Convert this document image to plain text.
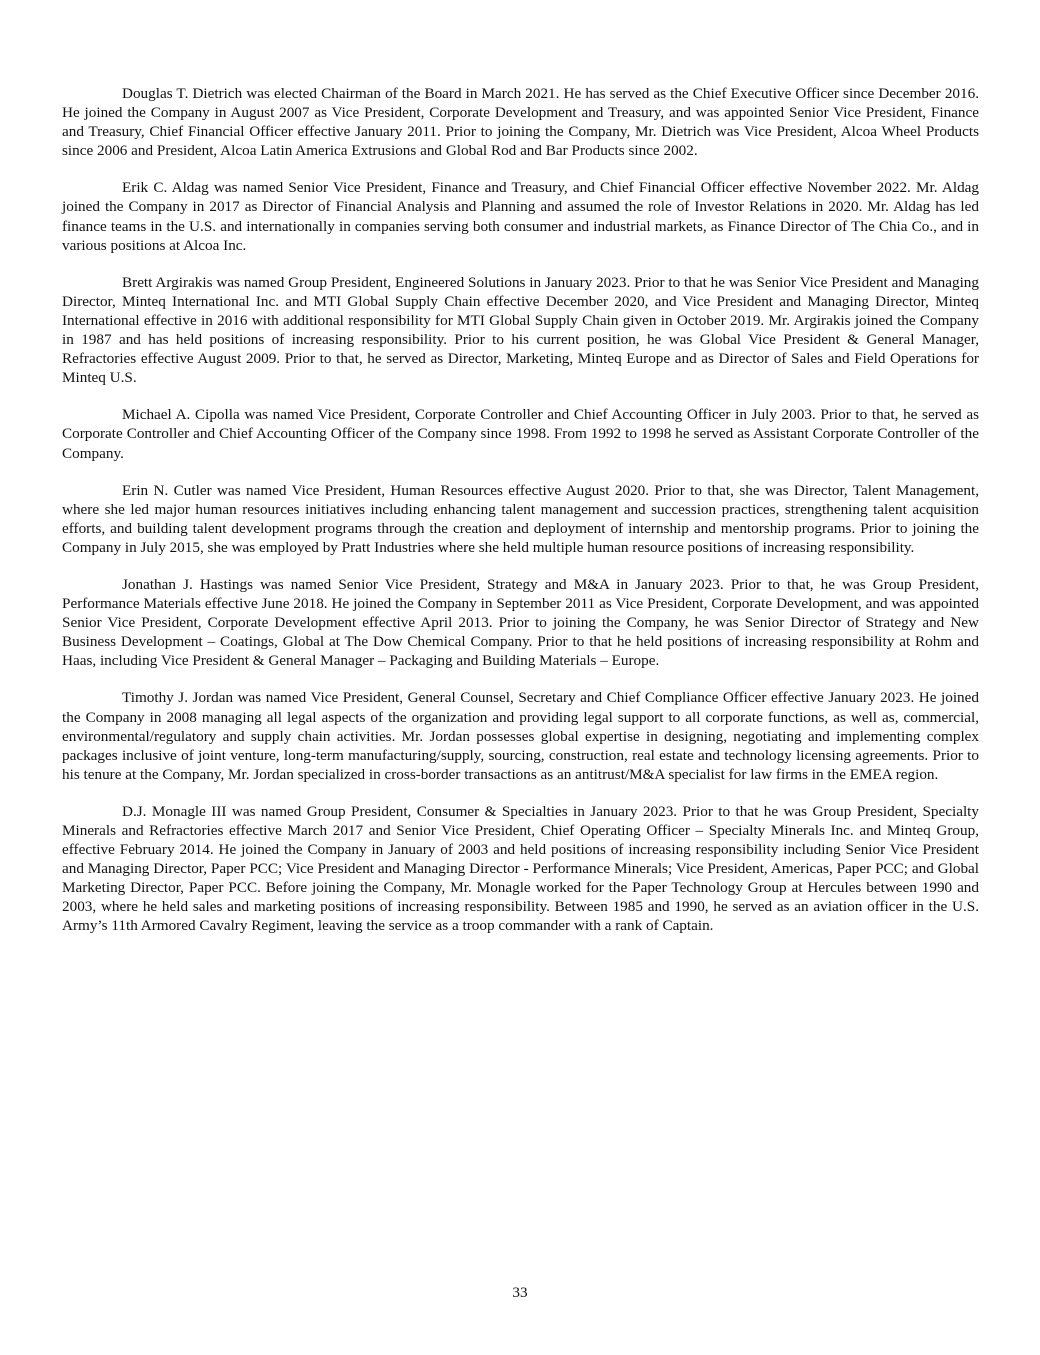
Douglas T. Dietrich was elected Chairman of the Board in March 2021. He has served as the Chief Executive Officer since December 2016. He joined the Company in August 2007 as Vice President, Corporate Development and Treasury, and was appointed Senior Vice President, Finance and Treasury, Chief Financial Officer effective January 2011. Prior to joining the Company, Mr. Dietrich was Vice President, Alcoa Wheel Products since 2006 and President, Alcoa Latin America Extrusions and Global Rod and Bar Products since 2002.

Erik C. Aldag was named Senior Vice President, Finance and Treasury, and Chief Financial Officer effective November 2022. Mr. Aldag joined the Company in 2017 as Director of Financial Analysis and Planning and assumed the role of Investor Relations in 2020. Mr. Aldag has led finance teams in the U.S. and internationally in companies serving both consumer and industrial markets, as Finance Director of The Chia Co., and in various positions at Alcoa Inc.

Brett Argirakis was named Group President, Engineered Solutions in January 2023. Prior to that he was Senior Vice President and Managing Director, Minteq International Inc. and MTI Global Supply Chain effective December 2020, and Vice President and Managing Director, Minteq International effective in 2016 with additional responsibility for MTI Global Supply Chain given in October 2019. Mr. Argirakis joined the Company in 1987 and has held positions of increasing responsibility. Prior to his current position, he was Global Vice President & General Manager, Refractories effective August 2009. Prior to that, he served as Director, Marketing, Minteq Europe and as Director of Sales and Field Operations for Minteq U.S.

Michael A. Cipolla was named Vice President, Corporate Controller and Chief Accounting Officer in July 2003. Prior to that, he served as Corporate Controller and Chief Accounting Officer of the Company since 1998. From 1992 to 1998 he served as Assistant Corporate Controller of the Company.

Erin N. Cutler was named Vice President, Human Resources effective August 2020. Prior to that, she was Director, Talent Management, where she led major human resources initiatives including enhancing talent management and succession practices, strengthening talent acquisition efforts, and building talent development programs through the creation and deployment of internship and mentorship programs. Prior to joining the Company in July 2015, she was employed by Pratt Industries where she held multiple human resource positions of increasing responsibility.

Jonathan J. Hastings was named Senior Vice President, Strategy and M&A in January 2023. Prior to that, he was Group President, Performance Materials effective June 2018. He joined the Company in September 2011 as Vice President, Corporate Development, and was appointed Senior Vice President, Corporate Development effective April 2013. Prior to joining the Company, he was Senior Director of Strategy and New Business Development – Coatings, Global at The Dow Chemical Company. Prior to that he held positions of increasing responsibility at Rohm and Haas, including Vice President & General Manager – Packaging and Building Materials – Europe.

Timothy J. Jordan was named Vice President, General Counsel, Secretary and Chief Compliance Officer effective January 2023. He joined the Company in 2008 managing all legal aspects of the organization and providing legal support to all corporate functions, as well as, commercial, environmental/regulatory and supply chain activities. Mr. Jordan possesses global expertise in designing, negotiating and implementing complex packages inclusive of joint venture, long-term manufacturing/supply, sourcing, construction, real estate and technology licensing agreements. Prior to his tenure at the Company, Mr. Jordan specialized in cross-border transactions as an antitrust/M&A specialist for law firms in the EMEA region.

D.J. Monagle III was named Group President, Consumer & Specialties in January 2023. Prior to that he was Group President, Specialty Minerals and Refractories effective March 2017 and Senior Vice President, Chief Operating Officer – Specialty Minerals Inc. and Minteq Group, effective February 2014. He joined the Company in January of 2003 and held positions of increasing responsibility including Senior Vice President and Managing Director, Paper PCC; Vice President and Managing Director - Performance Minerals; Vice President, Americas, Paper PCC; and Global Marketing Director, Paper PCC. Before joining the Company, Mr. Monagle worked for the Paper Technology Group at Hercules between 1990 and 2003, where he held sales and marketing positions of increasing responsibility. Between 1985 and 1990, he served as an aviation officer in the U.S. Army’s 11th Armored Cavalry Regiment, leaving the service as a troop commander with a rank of Captain.

33
